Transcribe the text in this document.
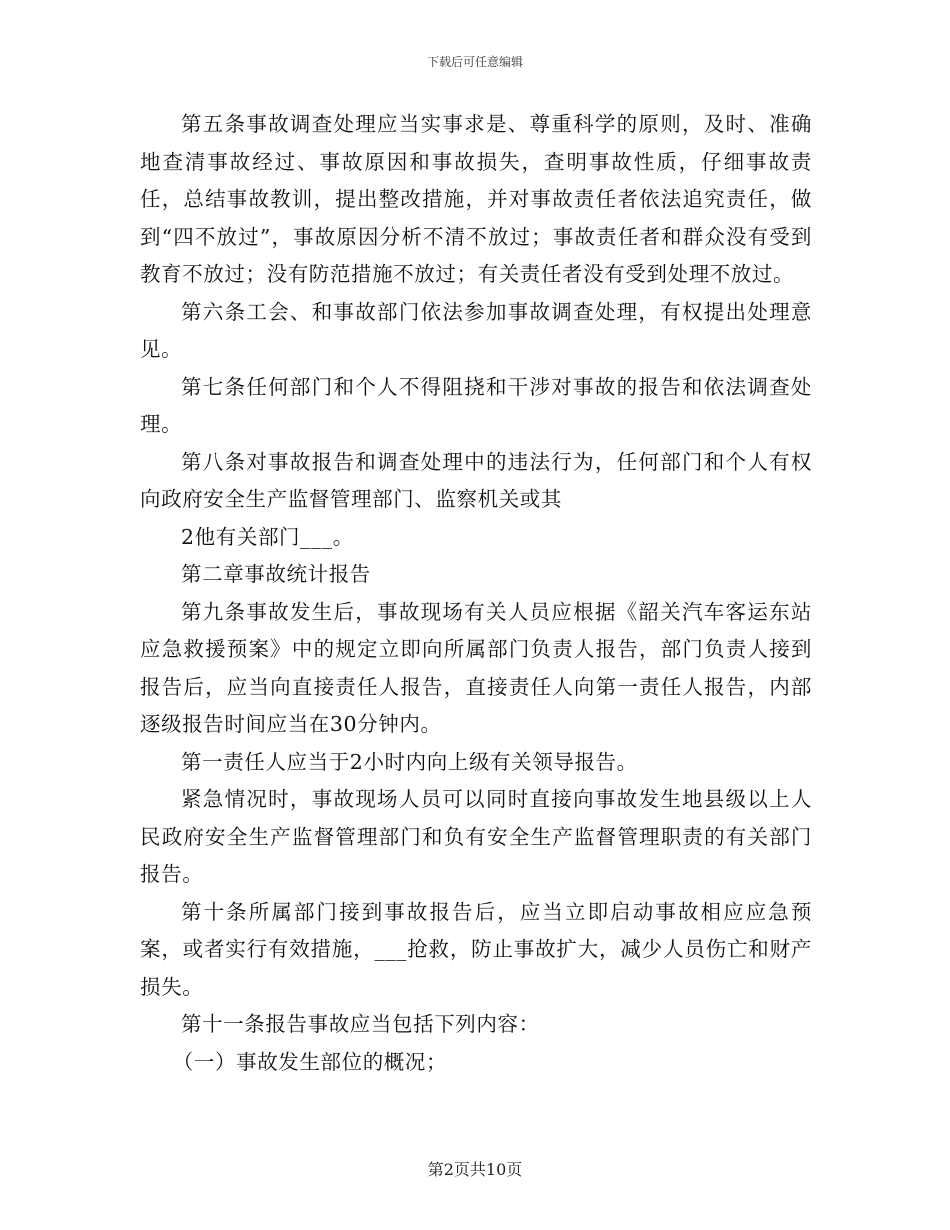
下载后可任意编辑

第五条事故调查处理应当实事求是、尊重科学的原则，及时、准确地查清事故经过、事故原因和事故损失，查明事故性质，仔细事故责任，总结事故教训，提出整改措施，并对事故责任者依法追究责任，做到“四不放过”，事故原因分析不清不放过；事故责任者和群众没有受到教育不放过；没有防范措施不放过；有关责任者没有受到处理不放过。

第六条工会、和事故部门依法参加事故调查处理，有权提出处理意见。

第七条任何部门和个人不得阻挠和干涉对事故的报告和依法调查处理。

第八条对事故报告和调查处理中的违法行为，任何部门和个人有权向政府安全生产监督管理部门、监察机关或其

2他有关部门___。

第二章事故统计报告

第九条事故发生后，事故现场有关人员应根据《韶关汽车客运东站应急救援预案》中的规定立即向所属部门负责人报告，部门负责人接到报告后，应当向直接责任人报告，直接责任人向第一责任人报告，内部逐级报告时间应当在30分钟内。

第一责任人应当于2小时内向上级有关领导报告。

紧急情况时，事故现场人员可以同时直接向事故发生地县级以上人民政府安全生产监督管理部门和负有安全生产监督管理职责的有关部门报告。

第十条所属部门接到事故报告后，应当立即启动事故相应应急预案，或者实行有效措施，___抢救，防止事故扩大，减少人员伤亡和财产损失。

第十一条报告事故应当包括下列内容：

（一）事故发生部位的概况；

第2页共10页
